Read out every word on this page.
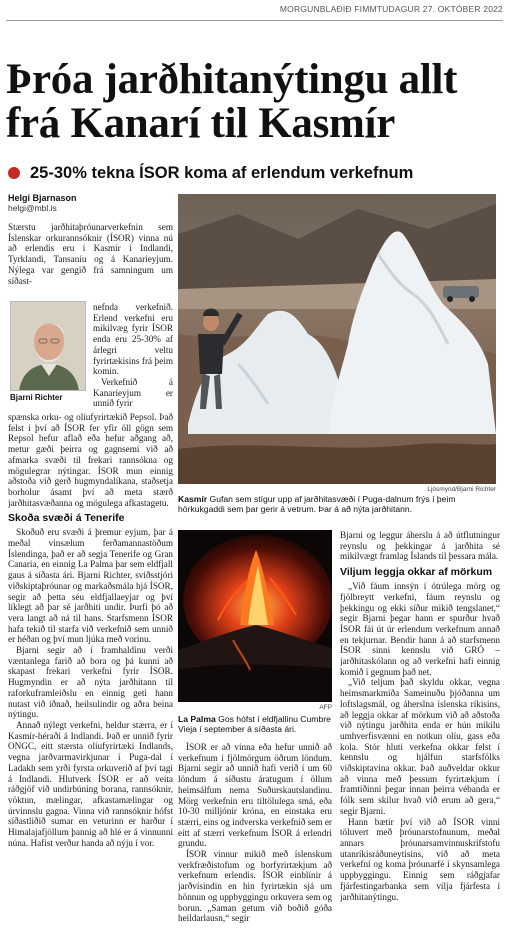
MORGUNBLAÐIÐ FIMMTUDAGUR 27. OKTÓBER 2022
Þróa jarðhitanýtingu allt
frá Kanarí til Kasmír
25-30% tekna ÍSOR koma af erlendum verkefnum
Helgi Bjarnason
helgi@mbl.is

Stærstu jarðhitaþróunarverkefnin sem Íslenskar orkurannsóknir (ÍSOR) vinna nú að erlendis eru í Kasmír í Indlandi, Tyrklandi, Tansaníu og á Kanaríeyjum. Nýlega var gengið frá samningum um síðast-

Bjarni Richter

nefnda verkefnið. Erlend verkefni eru mikilvæg fyrir ÍSOR enda eru 25-30% af árlegri veltu fyrirtækisins frá þeim komin.

Verkefnið á Kanaríeyjum er unnið fyrir

spænska orku- og olíufyrirtækið Pepsol. Það felst í því að ÍSOR fer yfir öll gögn sem Repsol hefur aflað eða hefur aðgang að, metur gæði þeirra og gagnsemi við að afmarka svæði til frekari rannsókna og mögulegrar nýtingar. ÍSOR mun einnig aðstoða við gerð hugmyndalíkana, staðsetja borholur ásamt því að meta stærð jarðhitasvæðanna og mögulega afkastagetu.

Skoða svæði á Tenerife

Skoðuð eru svæði á þremur eyjum, þar á meðal vinsælum ferðamannastöðum Íslendinga, það er að segja Tenerife og Gran Canaria, en einnig La Palma þar sem eldfjall gaus á síðasta ári. Bjarni Richter, sviðsstjóri viðskiptaþróunar og markaðsmála hjá ÍSOR, segir að þetta séu eldfjallaeyjar og því líklegt að þar sé jarðhiti undir. Þurfi þó að vera langt að ná til hans. Starfsmenn ÍSOR hafa tekið til starfa við verkefnið sem unnið er héðan og því mun ljúka með vorinu.

Bjarni segir að í framhaldinu verði væntanlega farið að bora og þá kunni að skapast frekari verkefni fyrir ÍSOR. Hugmyndin er að nýta jarðhitann til raforkuframleiðslu en einnig geti hann nutast við iðnað, heilsulindir og aðra beina nýtingu.

Annað nýlegt verkefni, heldur stærra, er í Kasmír-héraði á Indlandi. Það er unnið fyrir ONGC, eitt stærsta olíufyrirtæki Indlands, vegna jarðvarmavirkjunar í Puga-dal í Ladakh sem yrði fyrsta orkuverið af því tagi á Indlandi. Hlutverk ÍSOR er að veita ráðgjöf við undirbúning borana, rannsóknir, vöktun, mælingar, afkastamælingar og úrvinnslu gagna. Vinna við rannsóknir hófst síðastliðið sumar en veturinn er harður í Himalajafjöllum þannig að hlé er á vinnunni núna. Hafist verður handa að nýju í vor.

Ljósmynd/Bjarni Richter
Kasmír Gufan sem stígur upp af jarðhitasvæði í Puga-dalnum frýs í þeim hörkukgaddi sem þar gerir á vetrum. Þar á að nýta jarðhitann.
AFP
La Palma Gos hófst í eldfjallinu Cumbre Vieja í september á síðasta ári.

ÍSOR er að vinna eða hefur unnið að verkefnum í fjölmörgum öðrum löndum. Bjarni segir að unnið hafi verið í um 60 löndum á síðustu áratugum í öllum heimsálfum nema Suðurskautslandinu. Mörg verkefnin eru tiltölulega smá, eða 10-30 milljónir króna, en einstaka eru stærri, eins og indverska verkefnið sem er eitt af stærri verkefnum ÍSOR á erlendri grundu.

ÍSOR vinnur mikið með íslenskum verkfræðistofum og borfyrirtækjum að verkefnum erlendis. ÍSOR einblínir á jarðvísindin en hin fyrirtækin sjá um hönnun og uppbyggingu orkuvera sem og borun. „Saman getum við boðið góða heildarlausn,“ segir

Bjarni og leggur áherslu á að útflutningur reynslu og þekkingar á jarðhita sé mikilvægt framlag Íslands til þessara mála.

Viljum leggja okkar af mörkum

„Við fáum innsýn í ótrúlega mörg og fjölbreytt verkefni, fáum reynslu og þekkingu og ekki síður mikið tengslanet,“ segir Bjarni þegar hann er spurður hvað ÍSOR fái út úr erlendum verkefnum annað en tekjurnar. Bendir hann á að starfsmenn ÍSOR sinni kennslu við GRÓ – jarðhitaskólann og að verkefni hafi einnig komið í gegnum það net.

„Við teljum það skyldu okkar, vegna heimsmarkmiða Sameinuðu þjóðanna um loftslagsmál, og áherslna íslenska ríkisins, að leggja okkar af mörkum við að aðstoða við nýtingu jarðhita enda er hún mikilu umhverfisvænni en notkun olíu, gass eða kola. Stór hluti verkefna okkar felst í kennslu og hjálfun starfsfólks viðskiptavina okkar. Það auðveldar okkur að vinna með þessum fyrirtækjum í framtíðinni þegar innan þeirra vébanda er fólk sem skilur hvað við erum að gera,“ segir Bjarni.

Hann bætir því við að ÍSOR vinni töluvert með þróunarstofnunum, meðal annars þróunarsamvinnuskrifstofu utanríkisráðuneytisins, við að meta verkefni og koma þróunarfé í skynsamlega uppbyggingu. Einnig sem ráðgjafar fjárfestingarbanka sem vilja fjárfesta í jarðhitanýtingu.
